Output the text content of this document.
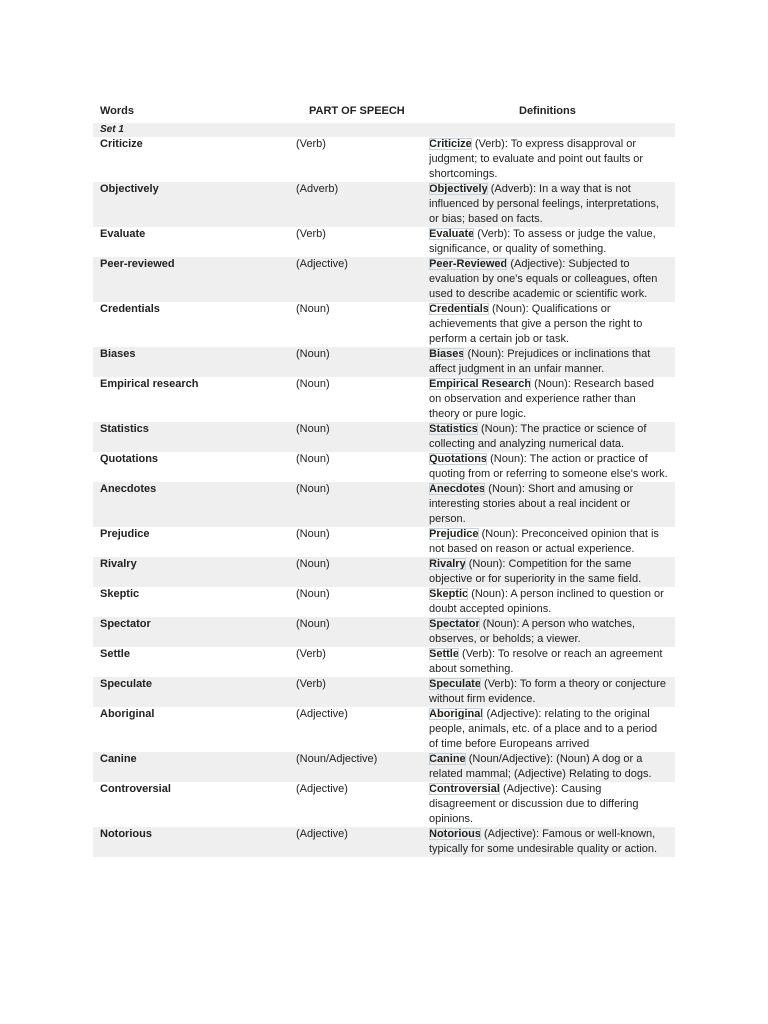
Words	PART OF SPEECH	Definitions
Set 1
Criticize	(Verb)	Criticize (Verb): To express disapproval or judgment; to evaluate and point out faults or shortcomings.
Objectively	(Adverb)	Objectively (Adverb): In a way that is not influenced by personal feelings, interpretations, or bias; based on facts.
Evaluate	(Verb)	Evaluate (Verb): To assess or judge the value, significance, or quality of something.
Peer-reviewed	(Adjective)	Peer-Reviewed (Adjective): Subjected to evaluation by one's equals or colleagues, often used to describe academic or scientific work.
Credentials	(Noun)	Credentials (Noun): Qualifications or achievements that give a person the right to perform a certain job or task.
Biases	(Noun)	Biases (Noun): Prejudices or inclinations that affect judgment in an unfair manner.
Empirical research	(Noun)	Empirical Research (Noun): Research based on observation and experience rather than theory or pure logic.
Statistics	(Noun)	Statistics (Noun): The practice or science of collecting and analyzing numerical data.
Quotations	(Noun)	Quotations (Noun): The action or practice of quoting from or referring to someone else's work.
Anecdotes	(Noun)	Anecdotes (Noun): Short and amusing or interesting stories about a real incident or person.
Prejudice	(Noun)	Prejudice (Noun): Preconceived opinion that is not based on reason or actual experience.
Rivalry	(Noun)	Rivalry (Noun): Competition for the same objective or for superiority in the same field.
Skeptic	(Noun)	Skeptic (Noun): A person inclined to question or doubt accepted opinions.
Spectator	(Noun)	Spectator (Noun): A person who watches, observes, or beholds; a viewer.
Settle	(Verb)	Settle (Verb): To resolve or reach an agreement about something.
Speculate	(Verb)	Speculate (Verb): To form a theory or conjecture without firm evidence.
Aboriginal	(Adjective)	Aboriginal (Adjective): relating to the original people, animals, etc. of a place and to a period of time before Europeans arrived
Canine	(Noun/Adjective)	Canine (Noun/Adjective): (Noun) A dog or a related mammal; (Adjective) Relating to dogs.
Controversial	(Adjective)	Controversial (Adjective): Causing disagreement or discussion due to differing opinions.
Notorious	(Adjective)	Notorious (Adjective): Famous or well-known, typically for some undesirable quality or action.
